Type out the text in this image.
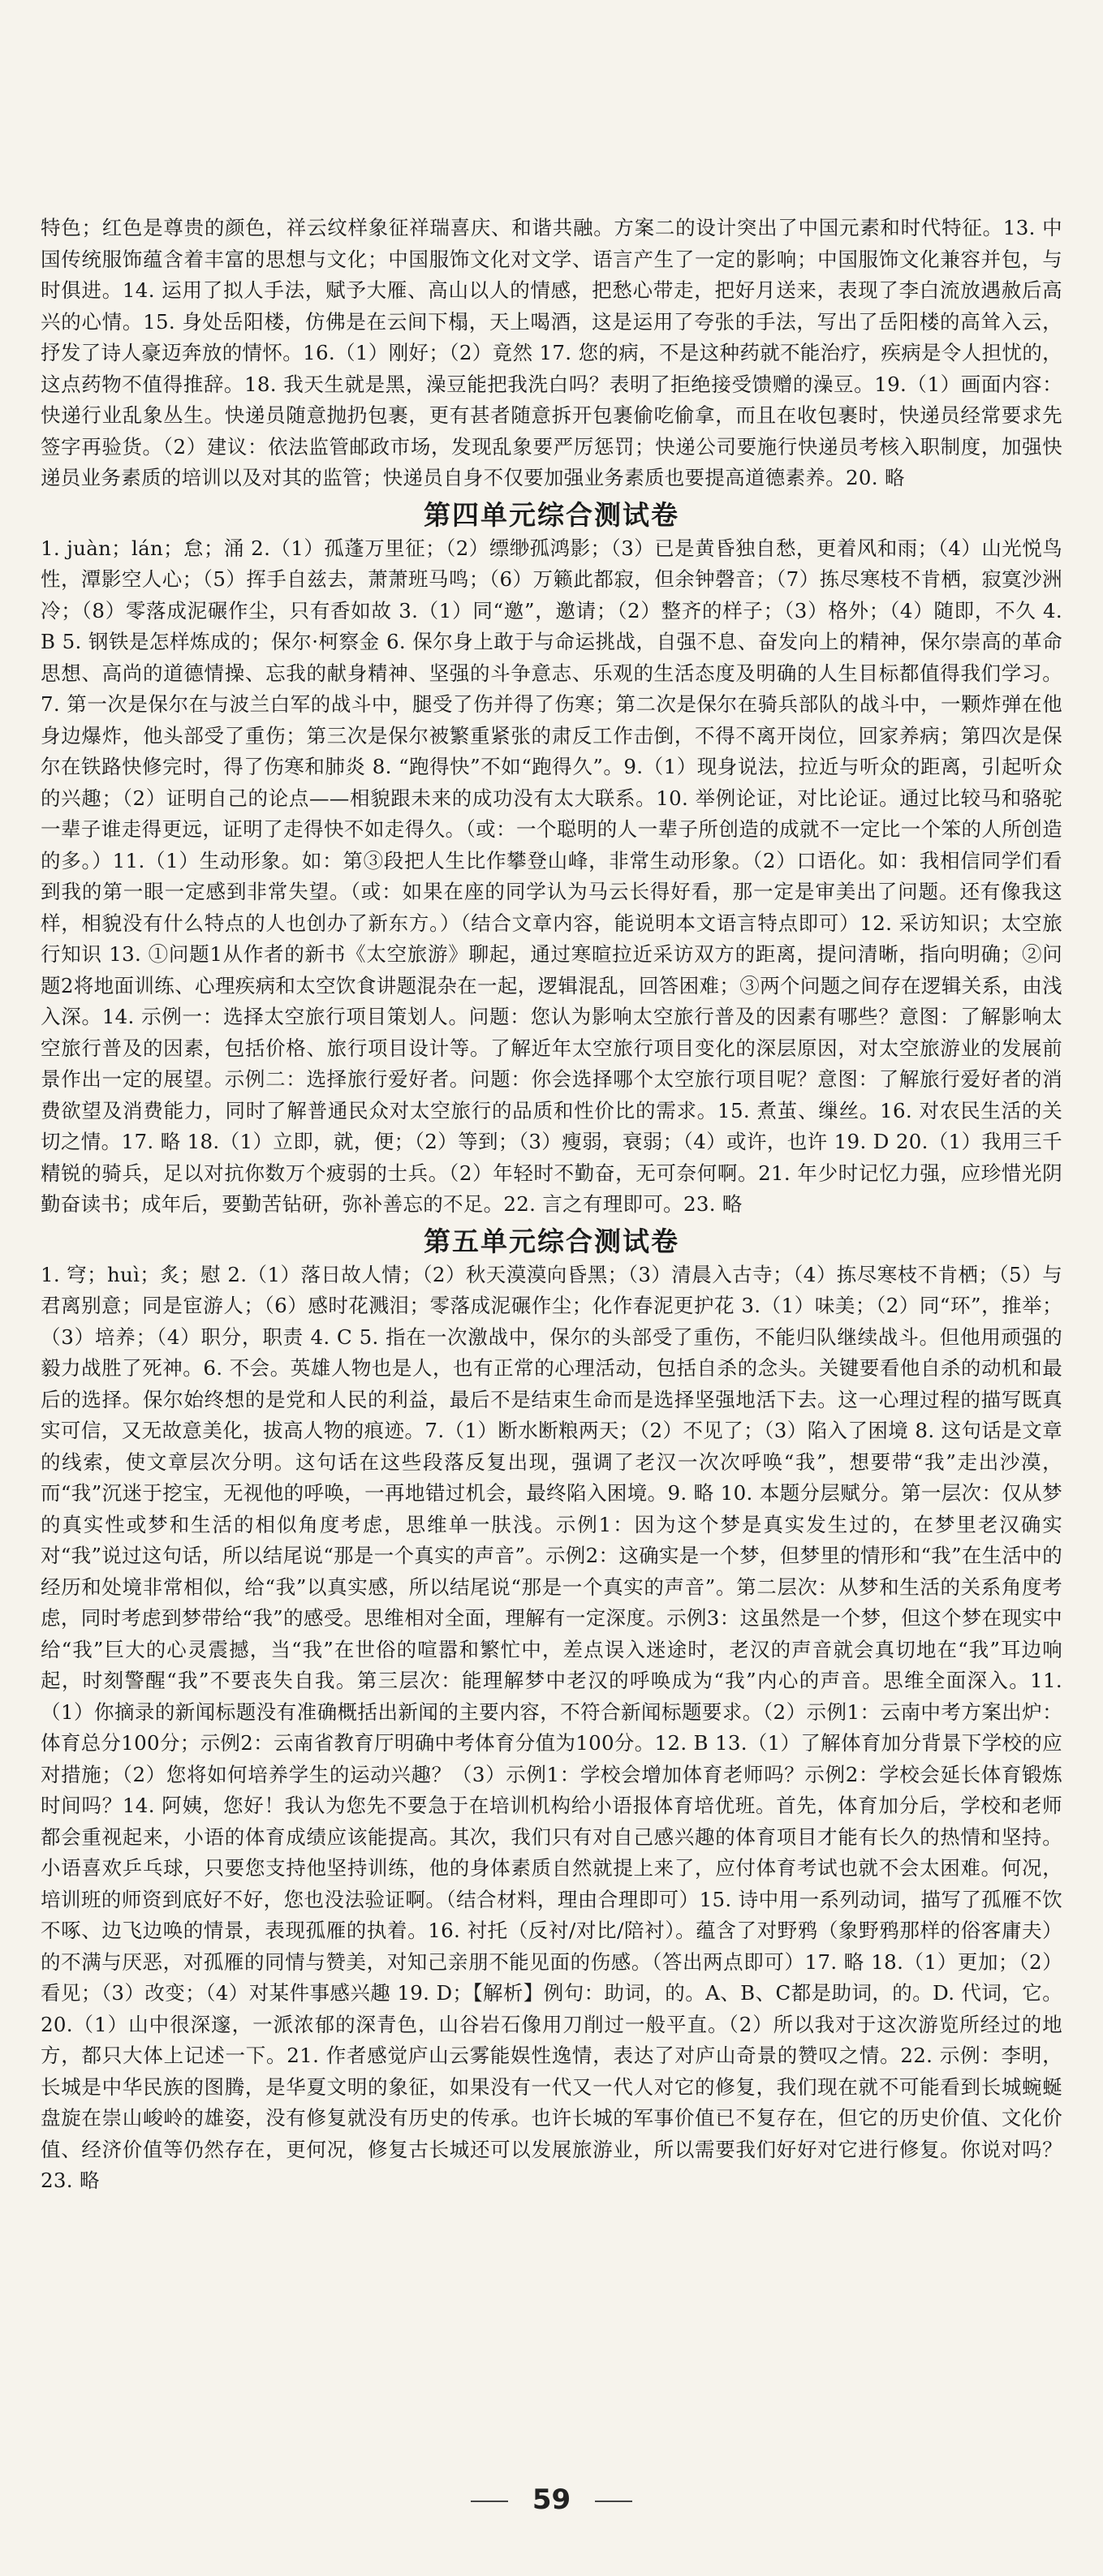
特色；红色是尊贵的颜色，祥云纹样象征祥瑞喜庆、和谐共融。方案二的设计突出了中国元素和时代特征。13. 中国传统服饰蕴含着丰富的思想与文化；中国服饰文化对文学、语言产生了一定的影响；中国服饰文化兼容并包，与时俱进。14. 运用了拟人手法，赋予大雁、高山以人的情感，把愁心带走，把好月送来，表现了李白流放遇赦后高兴的心情。15. 身处岳阳楼，仿佛是在云间下榻，天上喝酒，这是运用了夸张的手法，写出了岳阳楼的高耸入云，抒发了诗人豪迈奔放的情怀。16.（1）刚好；（2）竟然 17. 您的病，不是这种药就不能治疗，疾病是令人担忧的，这点药物不值得推辞。18. 我天生就是黑，澡豆能把我洗白吗？表明了拒绝接受馈赠的澡豆。19.（1）画面内容：快递行业乱象丛生。快递员随意抛扔包裹，更有甚者随意拆开包裹偷吃偷拿，而且在收包裹时，快递员经常要求先签字再验货。（2）建议：依法监管邮政市场，发现乱象要严厉惩罚；快递公司要施行快递员考核入职制度，加强快递员业务素质的培训以及对其的监管；快递员自身不仅要加强业务素质也要提高道德素养。20. 略

第四单元综合测试卷

1. juàn；lán；怠；涌 2.（1）孤蓬万里征；（2）缥缈孤鸿影；（3）已是黄昏独自愁，更着风和雨；（4）山光悦鸟性，潭影空人心；（5）挥手自兹去，萧萧班马鸣；（6）万籁此都寂，但余钟磬音；（7）拣尽寒枝不肯栖，寂寞沙洲冷；（8）零落成泥碾作尘，只有香如故 3.（1）同“邀”，邀请；（2）整齐的样子；（3）格外；（4）随即，不久 4. B 5. 钢铁是怎样炼成的；保尔·柯察金 6. 保尔身上敢于与命运挑战，自强不息、奋发向上的精神，保尔崇高的革命思想、高尚的道德情操、忘我的献身精神、坚强的斗争意志、乐观的生活态度及明确的人生目标都值得我们学习。7. 第一次是保尔在与波兰白军的战斗中，腿受了伤并得了伤寒；第二次是保尔在骑兵部队的战斗中，一颗炸弹在他身边爆炸，他头部受了重伤；第三次是保尔被繁重紧张的肃反工作击倒，不得不离开岗位，回家养病；第四次是保尔在铁路快修完时，得了伤寒和肺炎 8. “跑得快”不如“跑得久”。9.（1）现身说法，拉近与听众的距离，引起听众的兴趣；（2）证明自己的论点——相貌跟未来的成功没有太大联系。10. 举例论证，对比论证。通过比较马和骆驼一辈子谁走得更远，证明了走得快不如走得久。（或：一个聪明的人一辈子所创造的成就不一定比一个笨的人所创造的多。）11.（1）生动形象。如：第③段把人生比作攀登山峰，非常生动形象。（2）口语化。如：我相信同学们看到我的第一眼一定感到非常失望。（或：如果在座的同学认为马云长得好看，那一定是审美出了问题。还有像我这样，相貌没有什么特点的人也创办了新东方。）（结合文章内容，能说明本文语言特点即可）12. 采访知识；太空旅行知识 13. ①问题1从作者的新书《太空旅游》聊起，通过寒暄拉近采访双方的距离，提问清晰，指向明确；②问题2将地面训练、心理疾病和太空饮食讲题混杂在一起，逻辑混乱，回答困难；③两个问题之间存在逻辑关系，由浅入深。14. 示例一：选择太空旅行项目策划人。问题：您认为影响太空旅行普及的因素有哪些？意图：了解影响太空旅行普及的因素，包括价格、旅行项目设计等。了解近年太空旅行项目变化的深层原因，对太空旅游业的发展前景作出一定的展望。示例二：选择旅行爱好者。问题：你会选择哪个太空旅行项目呢？意图：了解旅行爱好者的消费欲望及消费能力，同时了解普通民众对太空旅行的品质和性价比的需求。15. 煮茧、缫丝。16. 对农民生活的关切之情。17. 略 18.（1）立即，就，便；（2）等到；（3）瘦弱，衰弱；（4）或许，也许 19. D 20.（1）我用三千精锐的骑兵，足以对抗你数万个疲弱的士兵。（2）年轻时不勤奋，无可奈何啊。21. 年少时记忆力强，应珍惜光阴勤奋读书；成年后，要勤苦钻研，弥补善忘的不足。22. 言之有理即可。23. 略

第五单元综合测试卷

1. 穹；huì；炙；慰 2.（1）落日故人情；（2）秋天漠漠向昏黑；（3）清晨入古寺；（4）拣尽寒枝不肯栖；（5）与君离别意；同是宦游人；（6）感时花溅泪；零落成泥碾作尘；化作春泥更护花 3.（1）味美；（2）同“环”，推举；（3）培养；（4）职分，职责 4. C 5. 指在一次激战中，保尔的头部受了重伤，不能归队继续战斗。但他用顽强的毅力战胜了死神。6. 不会。英雄人物也是人，也有正常的心理活动，包括自杀的念头。关键要看他自杀的动机和最后的选择。保尔始终想的是党和人民的利益，最后不是结束生命而是选择坚强地活下去。这一心理过程的描写既真实可信，又无故意美化，拔高人物的痕迹。7.（1）断水断粮两天；（2）不见了；（3）陷入了困境 8. 这句话是文章的线索，使文章层次分明。这句话在这些段落反复出现，强调了老汉一次次呼唤“我”，想要带“我”走出沙漠，而“我”沉迷于挖宝，无视他的呼唤，一再地错过机会，最终陷入困境。9. 略 10. 本题分层赋分。第一层次：仅从梦的真实性或梦和生活的相似角度考虑，思维单一肤浅。示例1：因为这个梦是真实发生过的，在梦里老汉确实对“我”说过这句话，所以结尾说“那是一个真实的声音”。示例2：这确实是一个梦，但梦里的情形和“我”在生活中的经历和处境非常相似，给“我”以真实感，所以结尾说“那是一个真实的声音”。第二层次：从梦和生活的关系角度考虑，同时考虑到梦带给“我”的感受。思维相对全面，理解有一定深度。示例3：这虽然是一个梦，但这个梦在现实中给“我”巨大的心灵震撼，当“我”在世俗的喧嚣和繁忙中，差点误入迷途时，老汉的声音就会真切地在“我”耳边响起，时刻警醒“我”不要丧失自我。第三层次：能理解梦中老汉的呼唤成为“我”内心的声音。思维全面深入。11.（1）你摘录的新闻标题没有准确概括出新闻的主要内容，不符合新闻标题要求。（2）示例1：云南中考方案出炉：体育总分100分；示例2：云南省教育厅明确中考体育分值为100分。12. B 13.（1）了解体育加分背景下学校的应对措施；（2）您将如何培养学生的运动兴趣？（3）示例1：学校会增加体育老师吗？示例2：学校会延长体育锻炼时间吗？14. 阿姨，您好！我认为您先不要急于在培训机构给小语报体育培优班。首先，体育加分后，学校和老师都会重视起来，小语的体育成绩应该能提高。其次，我们只有对自己感兴趣的体育项目才能有长久的热情和坚持。小语喜欢乒乓球，只要您支持他坚持训练，他的身体素质自然就提上来了，应付体育考试也就不会太困难。何况，培训班的师资到底好不好，您也没法验证啊。（结合材料，理由合理即可）15. 诗中用一系列动词，描写了孤雁不饮不啄、边飞边唤的情景，表现孤雁的执着。16. 衬托（反衬/对比/陪衬）。蕴含了对野鸦（象野鸦那样的俗客庸夫）的不满与厌恶，对孤雁的同情与赞美，对知己亲朋不能见面的伤感。（答出两点即可）17. 略 18.（1）更加；（2）看见；（3）改变；（4）对某件事感兴趣 19. D；【解析】例句：助词，的。A、B、C都是助词，的。D. 代词，它。20.（1）山中很深邃，一派浓郁的深青色，山谷岩石像用刀削过一般平直。（2）所以我对于这次游览所经过的地方，都只大体上记述一下。21. 作者感觉庐山云雾能娱性逸情，表达了对庐山奇景的赞叹之情。22. 示例：李明，长城是中华民族的图腾，是华夏文明的象征，如果没有一代又一代人对它的修复，我们现在就不可能看到长城蜿蜒盘旋在崇山峻岭的雄姿，没有修复就没有历史的传承。也许长城的军事价值已不复存在，但它的历史价值、文化价值、经济价值等仍然存在，更何况，修复古长城还可以发展旅游业，所以需要我们好好对它进行修复。你说对吗？23. 略

59
